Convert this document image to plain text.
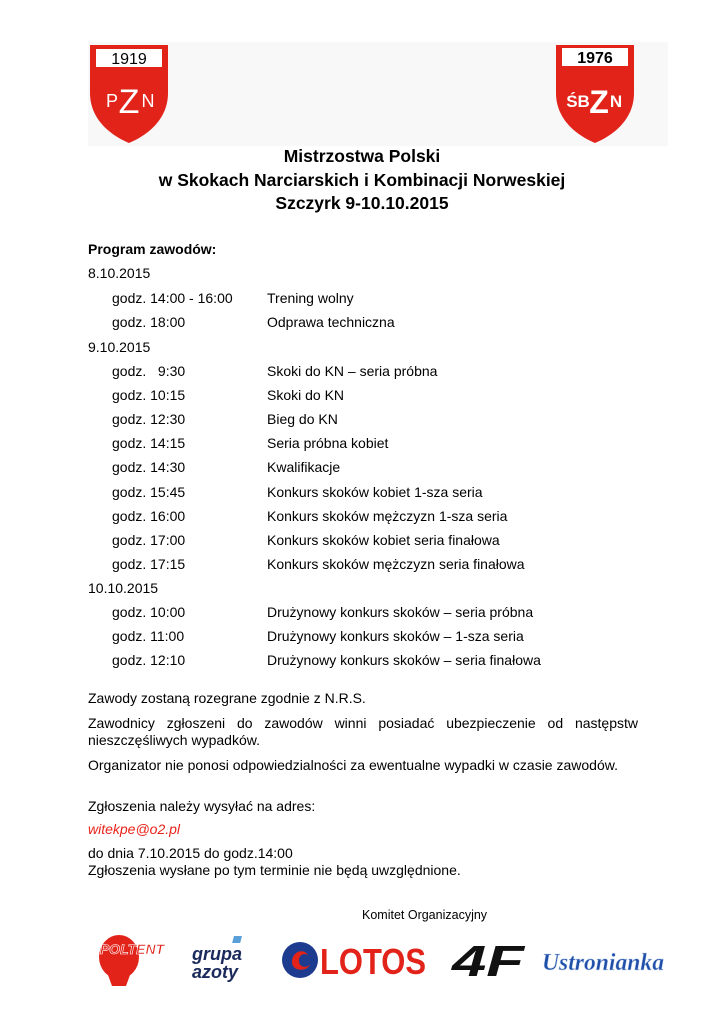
1919
P Z N
1976
ŚB Z N
Mistrzostwa Polski
w Skokach Narciarskich i Kombinacji Norweskiej
Szczyrk 9-10.10.2015
Program zawodów:
8.10.2015
godz. 14:00 - 16:00 Trening wolny
godz. 18:00	Odprawa techniczna
9.10.2015
godz.   9:30	Skoki do KN – seria próbna
godz. 10:15	Skoki do KN
godz. 12:30	Bieg do KN
godz. 14:15	Seria próbna kobiet
godz. 14:30	Kwalifikacje
godz. 15:45	Konkurs skoków kobiet 1-sza seria
godz. 16:00	Konkurs skoków mężczyzn 1-sza seria
godz. 17:00	Konkurs skoków kobiet seria finałowa
godz. 17:15	Konkurs skoków mężczyzn seria finałowa
10.10.2015
godz. 10:00	Drużynowy konkurs skoków – seria próbna
godz. 11:00	Drużynowy konkurs skoków – 1-sza seria
godz. 12:10	Drużynowy konkurs skoków – seria finałowa
Zawody zostaną rozegrane zgodnie z N.R.S.
Zawodnicy zgłoszeni do zawodów winni posiadać ubezpieczenie od następstw nieszczęśliwych wypadków.
Organizator nie ponosi odpowiedzialności za ewentualne wypadki w czasie zawodów.
Zgłoszenia należy wysyłać na adres:
witekpe@o2.pl
do dnia 7.10.2015 do godz.14:00
Zgłoszenia wysłane po tym terminie nie będą uwzględnione.
Komitet Organizacyjny
POLTENT grupa
azoty LOTOS 4F Ustronianka
